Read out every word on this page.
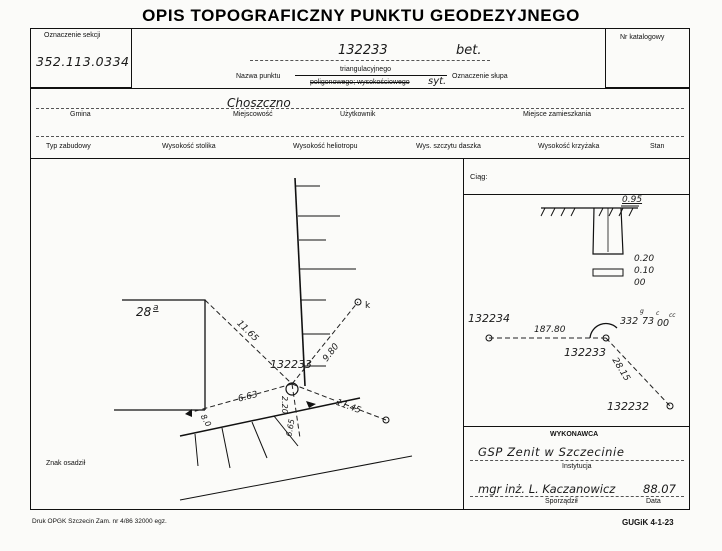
OPIS TOPOGRAFICZNY PUNKTU GEODEZYJNEGO
Oznaczenie sekcji
352.113.0334
Nr katalogowy
132233	bet.
Nazwa punktu
triangulacyjnego
poligonowego; wysokościowego syt. Oznaczenie słupa
Choszczno
Gmina	Miejscowość	Użytkownik	Miejsce zamieszkania
Typ zabudowy	Wysokość stolika	Wysokość heliotropu	Wys. szczytu daszka	Wysokość krzyżaka	Stan
28 a
132233
k
11.65
9.80
6.63	2.20
6.65
11.45
8.0
Znak osadził
Ciąg:
0.95
0.20
0.10
00
132234
187.80
332
g
73
c
00
cc
132233
28.15
132232
WYKONAWCA
GSP Zenit w Szczecinie
Instytucja
mgr inż. L. Kaczanowicz 88.07
Sporządził	Data
Druk OPGK Szczecin Zam. nr 4/86 32000 egz.	GUGiK 4-1-23
